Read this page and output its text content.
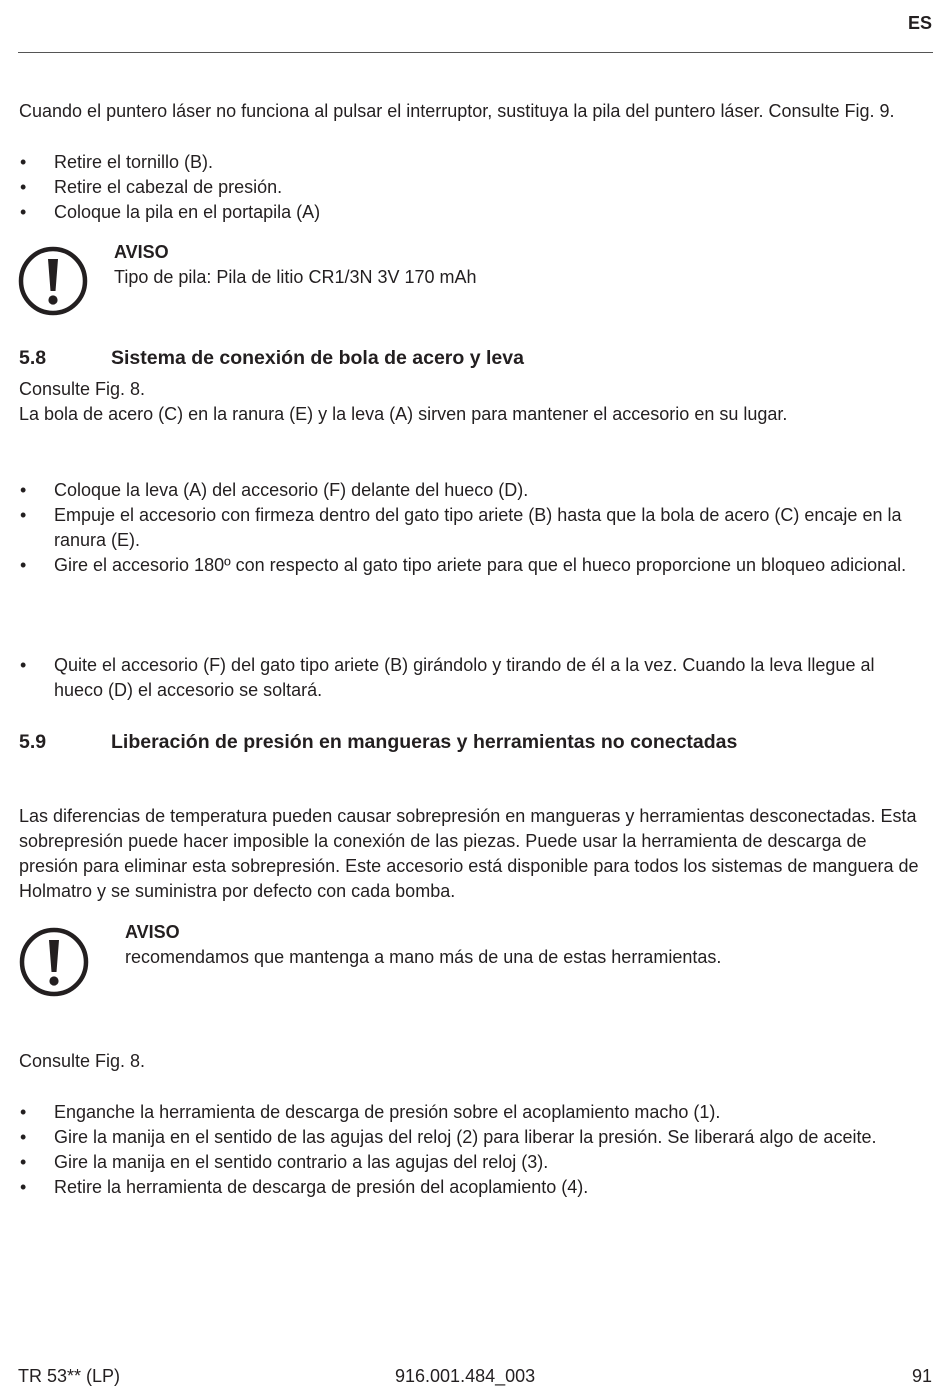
ES

Cuando el puntero láser no funciona al pulsar el interruptor, sustituya la pila del puntero láser. Consulte Fig. 9.

• Retire el tornillo (B).
• Retire el cabezal de presión.
• Coloque la pila en el portapila (A)
AVISO
Tipo de pila: Pila de litio CR1/3N 3V 170 mAh
5.8	Sistema de conexión de bola de acero y leva

Consulte Fig. 8.

La bola de acero (C) en la ranura (E) y la leva (A) sirven para mantener el accesorio en su lugar.

• Coloque la leva (A) del accesorio (F) delante del hueco (D).
• Empuje el accesorio con firmeza dentro del gato tipo ariete (B) hasta que la bola de acero (C) encaje en la ranura (E).
• Gire el accesorio 180º con respecto al gato tipo ariete para que el hueco proporcione un bloqueo adicional.
• Quite el accesorio (F) del gato tipo ariete (B) girándolo y tirando de él a la vez. Cuando la leva llegue al hueco (D) el accesorio se soltará.
5.9	Liberación de presión en mangueras y herramientas no conectadas

Las diferencias de temperatura pueden causar sobrepresión en mangueras y herramientas desconectadas. Esta sobrepresión puede hacer imposible la conexión de las piezas. Puede usar la herramienta de descarga de presión para eliminar esta sobrepresión. Este accesorio está disponible para todos los sistemas de manguera de Holmatro y se suministra por defecto con cada bomba.

AVISO
recomendamos que mantenga a mano más de una de estas herramientas.

Consulte Fig. 8.

• Enganche la herramienta de descarga de presión sobre el acoplamiento macho (1).
• Gire la manija en el sentido de las agujas del reloj (2) para liberar la presión. Se liberará algo de aceite.
• Gire la manija en el sentido contrario a las agujas del reloj (3).
• Retire la herramienta de descarga de presión del acoplamiento (4).
TR 53** (LP)	916.001.484_003	91
